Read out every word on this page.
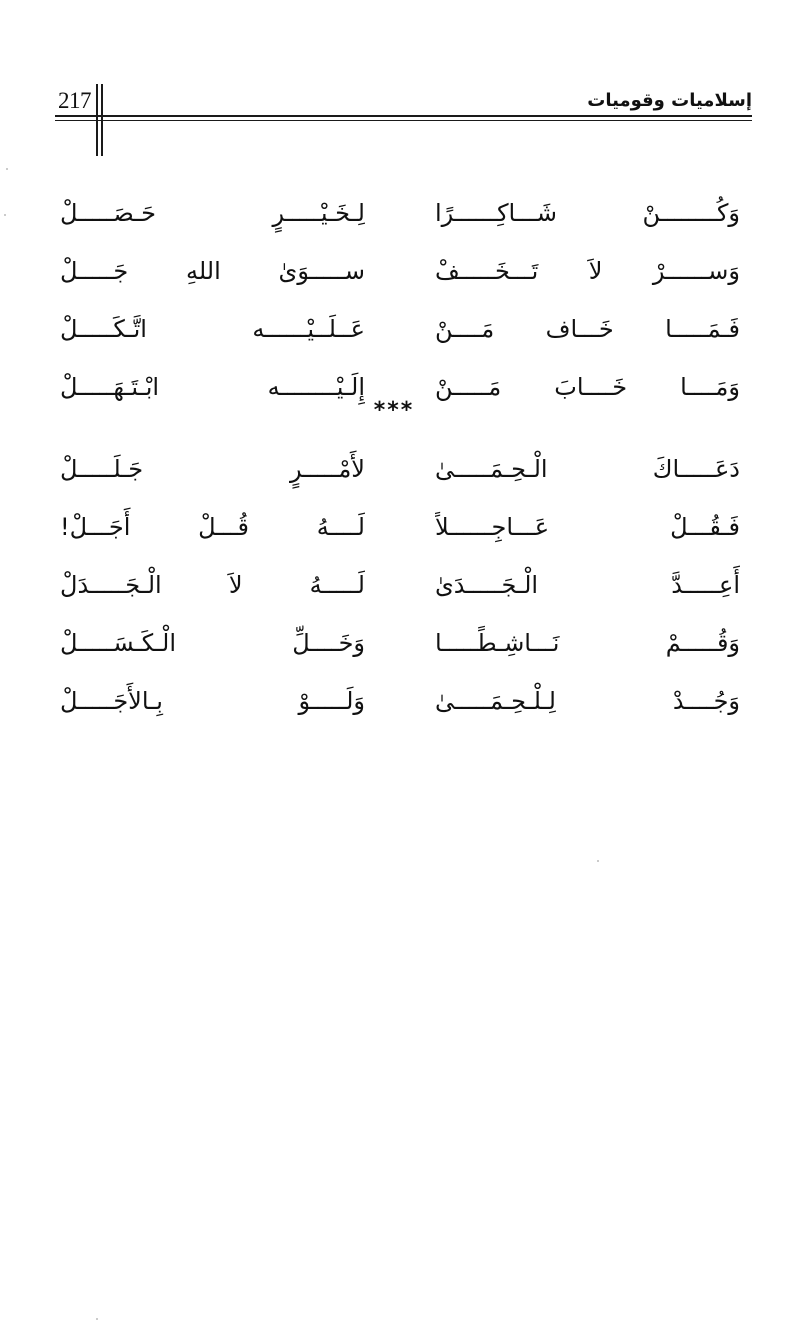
217	إسلاميات وقوميات
وَكُــــــــنْ شَـــاكِــــــرًا
لِـخَـيْـــــرٍ حَـصَـــــلْ
وَســــــرْ لاَ تَـــخَـــــفْ
ســـــوَىٰ اللهِ جَـــــلْ
فَـمَـــــا خَـــاف مَــــنْ
عَــلَــيْــــــه اتَّـكَـــــلْ
وَمَــــا خَــــابَ مَـــــنْ
إِلَـيْــــــــه ابْـتَـهَـــــلْ
***
دَعَـــــاكَ الْـحِـمَـــــىٰ
لأَمْـــــرٍ جَـلَـــــلْ
فَـقُـــلْ عَـــاجِــــــلاً
لَــــهُ قُـــلْ أَجَـــلْ!
أَعِـــــدَّ الْـجَـــــدَىٰ
لَـــــهُ لاَ الْـجَـــــدَلْ
وَقُـــــمْ نَـــاشِـطًـــــا
وَخَــــلِّ الْـكَـسَـــــلْ
وَجُــــدْ لِـلْـحِـمَـــــىٰ
وَلَـــــوْ بِـالأَجَـــــلْ
